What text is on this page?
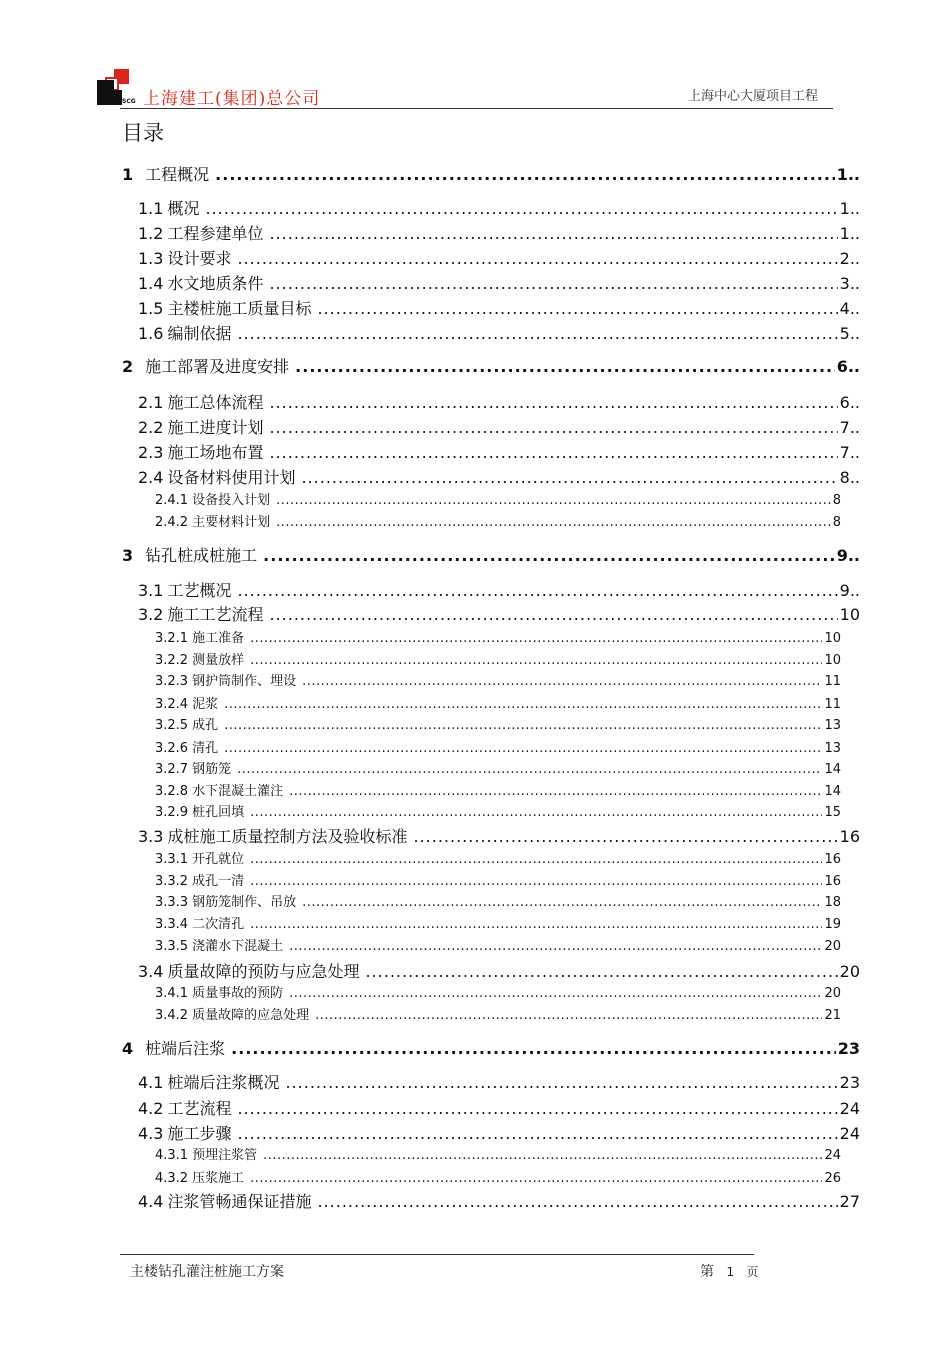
SCG 上海建工(集团)总公司	上海中心大厦项目工程
目录
1 工程概况 .....	1..
1.1 概况 .....	1..
1.2 工程参建单位 .....	1..
1.3 设计要求 .....	2..
1.4 水文地质条件 .....	3..
1.5 主楼桩施工质量目标 .....	4..
1.6 编制依据 .....	5..
2 施工部署及进度安排 .....	6..
2.1 施工总体流程 .....	6..
2.2 施工进度计划 .....	7..
2.3 施工场地布置 .....	7..
2.4 设备材料使用计划 .....	8..
2.4.1 设备投入计划 .....	8
2.4.2 主要材料计划 .....	8
3 钻孔桩成桩施工 .....	9..
3.1 工艺概况 .....	9..
3.2 施工工艺流程 .....	10
3.2.1 施工准备 .....	10
3.2.2 测量放样 .....	10
3.2.3 钢护筒制作、埋设 .....	11
3.2.4 泥浆 .....	11
3.2.5 成孔 .....	13
3.2.6 清孔 .....	13
3.2.7 钢筋笼 .....	14
3.2.8 水下混凝土灌注 .....	14
3.2.9 桩孔回填 .....	15
3.3 成桩施工质量控制方法及验收标准 .....	16
3.3.1 开孔就位 .....	16
3.3.2 成孔一清 .....	16
3.3.3 钢筋笼制作、吊放 .....	18
3.3.4 二次清孔 .....	19
3.3.5 浇灌水下混凝土 .....	20
3.4 质量故障的预防与应急处理 .....	20
3.4.1 质量事故的预防 .....	20
3.4.2 质量故障的应急处理 .....	21
4 桩端后注浆 .....	23
4.1 桩端后注浆概况 .....	23
4.2 工艺流程 .....	24
4.3 施工步骤 .....	24
4.3.1 预埋注浆管 .....	24
4.3.2 压浆施工 .....	26
4.4 注浆管畅通保证措施 .....	27
主楼钻孔灌注桩施工方案	第 1 页
